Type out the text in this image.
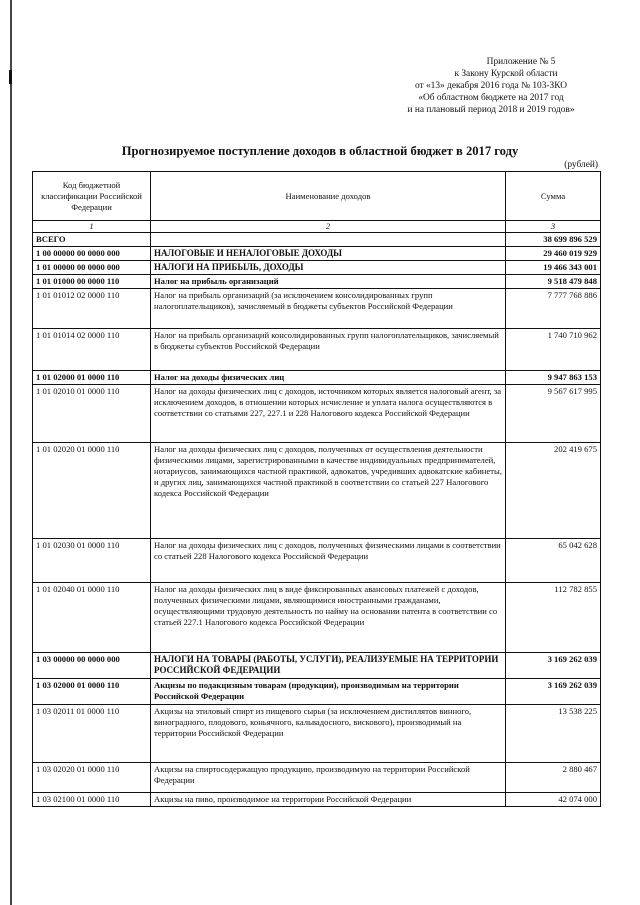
Приложение № 5
к Закону Курской области
от «13» декабря 2016 года № 103-ЗКО
«Об областном бюджете на 2017 год
и на плановый период 2018 и 2019 годов»
Прогнозируемое поступление доходов в областной бюджет в 2017 году
(рублей)
Код бюджетной классификации Российской Федерации	Наименование доходов	Сумма
1	2	3
ВСЕГО		38 699 896 529
1 00 00000 00 0000 000	НАЛОГОВЫЕ И НЕНАЛОГОВЫЕ ДОХОДЫ	29 460 019 929
1 01 00000 00 0000 000	НАЛОГИ НА ПРИБЫЛЬ, ДОХОДЫ	19 466 343 001
1 01 01000 00 0000 110	Налог на прибыль организаций	9 518 479 848
1 01 01012 02 0000 110	Налог на прибыль организаций (за исключением консолидированных групп налогоплательщиков), зачисляемый в бюджеты субъектов Российской Федерации	7 777 768 886
1 01 01014 02 0000 110	Налог на прибыль организаций консолидированных групп налогоплательщиков, зачисляемый в бюджеты субъектов Российской Федерации	1 740 710 962
1 01 02000 01 0000 110	Налог на доходы физических лиц	9 947 863 153
1 01 02010 01 0000 110	Налог на доходы физических лиц с доходов, источником которых является налоговый агент, за исключением доходов, в отношении которых исчисление и уплата налога осуществляются в соответствии со статьями 227, 227.1 и 228 Налогового кодекса Российской Федерации	9 567 617 995
1 01 02020 01 0000 110	Налог на доходы физических лиц с доходов, полученных от осуществления деятельности физическими лицами, зарегистрированными в качестве индивидуальных предпринимателей, нотариусов, занимающихся частной практикой, адвокатов, учредивших адвокатские кабинеты, и других лиц, занимающихся частной практикой в соответствии со статьей 227 Налогового кодекса Российской Федерации	202 419 675
1 01 02030 01 0000 110	Налог на доходы физических лиц с доходов, полученных физическими лицами в соответствии со статьей 228 Налогового кодекса Российской Федерации	65 042 628
1 01 02040 01 0000 110	Налог на доходы физических лиц в виде фиксированных авансовых платежей с доходов, полученных физическими лицами, являющимися иностранными гражданами, осуществляющими трудовую деятельность по найму на основании патента в соответствии со статьей 227.1 Налогового кодекса Российской Федерации	112 782 855
1 03 00000 00 0000 000	НАЛОГИ НА ТОВАРЫ (РАБОТЫ, УСЛУГИ), РЕАЛИЗУЕМЫЕ НА ТЕРРИТОРИИ РОССИЙСКОЙ ФЕДЕРАЦИИ	3 169 262 039
1 03 02000 01 0000 110	Акцизы по подакцизным товарам (продукции), производимым на территории Российской Федерации	3 169 262 039
1 03 02011 01 0000 110	Акцизы на этиловый спирт из пищевого сырья (за исключением дистиллятов винного, виноградного, плодового, коньячного, кальвадосного, вискового), производимый на территории Российской Федерации	13 538 225
1 03 02020 01 0000 110	Акцизы на спиртосодержащую продукцию, производимую на территории Российской Федерации	2 880 467
1 03 02100 01 0000 110	Акцизы на пиво, производимое на территории Российской Федерации	42 074 000
